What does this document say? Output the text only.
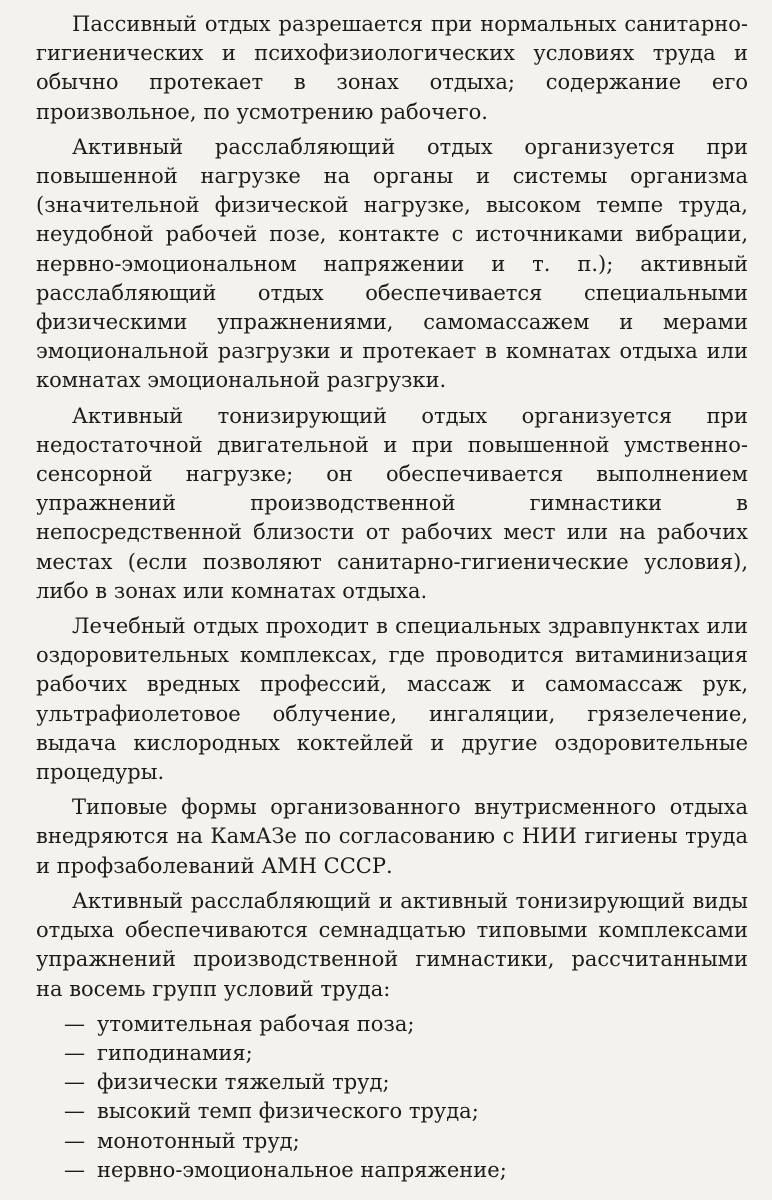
Пассивный отдых разрешается при нормальных санитарно-гигиенических и психофизиологических условиях труда и обычно протекает в зонах отдыха; содержание его произвольное, по усмотрению рабочего.

Активный расслабляющий отдых организуется при повышенной нагрузке на органы и системы организма (значительной физической нагрузке, высоком темпе труда, неудобной рабочей позе, контакте с источниками вибрации, нервно-эмоциональном напряжении и т. п.); активный расслабляющий отдых обеспечивается специальными физическими упражнениями, самомассажем и мерами эмоциональной разгрузки и протекает в комнатах отдыха или комнатах эмоциональной разгрузки.

Активный тонизирующий отдых организуется при недостаточной двигательной и при повышенной умственно-сенсорной нагрузке; он обеспечивается выполнением упражнений производственной гимнастики в непосредственной близости от рабочих мест или на рабочих местах (если позволяют санитарно-гигиенические условия), либо в зонах или комнатах отдыха.

Лечебный отдых проходит в специальных здравпунктах или оздоровительных комплексах, где проводится витаминизация рабочих вредных профессий, массаж и самомассаж рук, ультрафиолетовое облучение, ингаляции, грязелечение, выдача кислородных коктейлей и другие оздоровительные процедуры.

Типовые формы организованного внутрисменного отдыха внедряются на КамАЗе по согласованию с НИИ гигиены труда и профзаболеваний АМН СССР.

Активный расслабляющий и активный тонизирующий виды отдыха обеспечиваются семнадцатью типовыми комплексами упражнений производственной гимнастики, рассчитанными на восемь групп условий труда:

— утомительная рабочая поза;
— гиподинамия;
— физически тяжелый труд;
— высокий темп физического труда;
— монотонный труд;
— нервно-эмоциональное напряжение;
